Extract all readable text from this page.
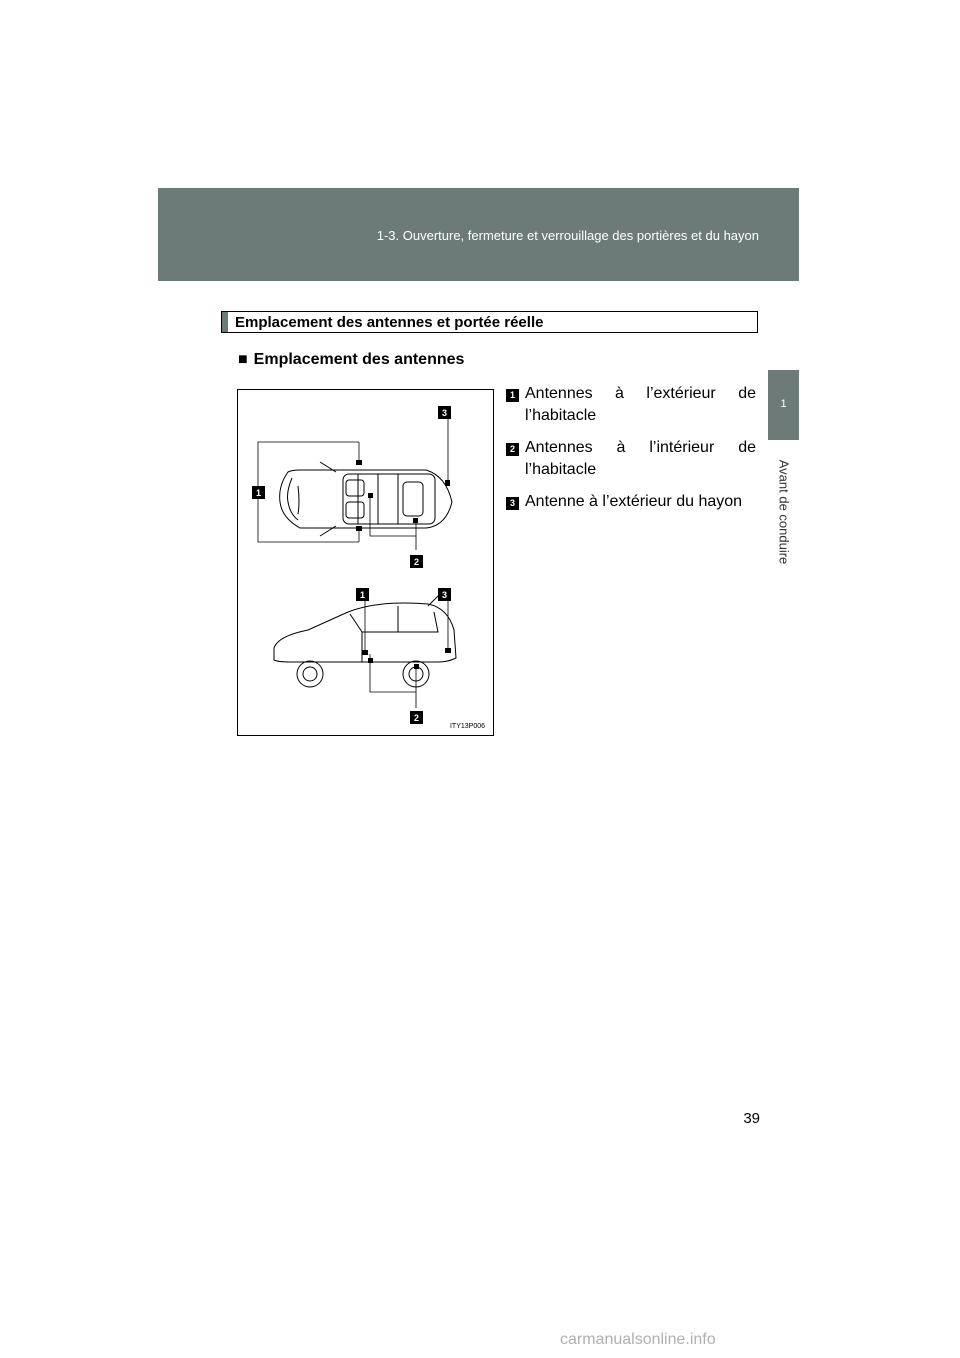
1-3. Ouverture, fermeture et verrouillage des portières et du hayon
1
Avant de conduire
Emplacement des antennes et portée réelle
■ Emplacement des antennes
3
1
2
1	3
2
ITY13P006
1 Antennes à l’extérieur de
l’habitacle
2 Antennes à l’intérieur de
l’habitacle
3 Antenne à l’extérieur du hayon
39
carmanualsonline.info
